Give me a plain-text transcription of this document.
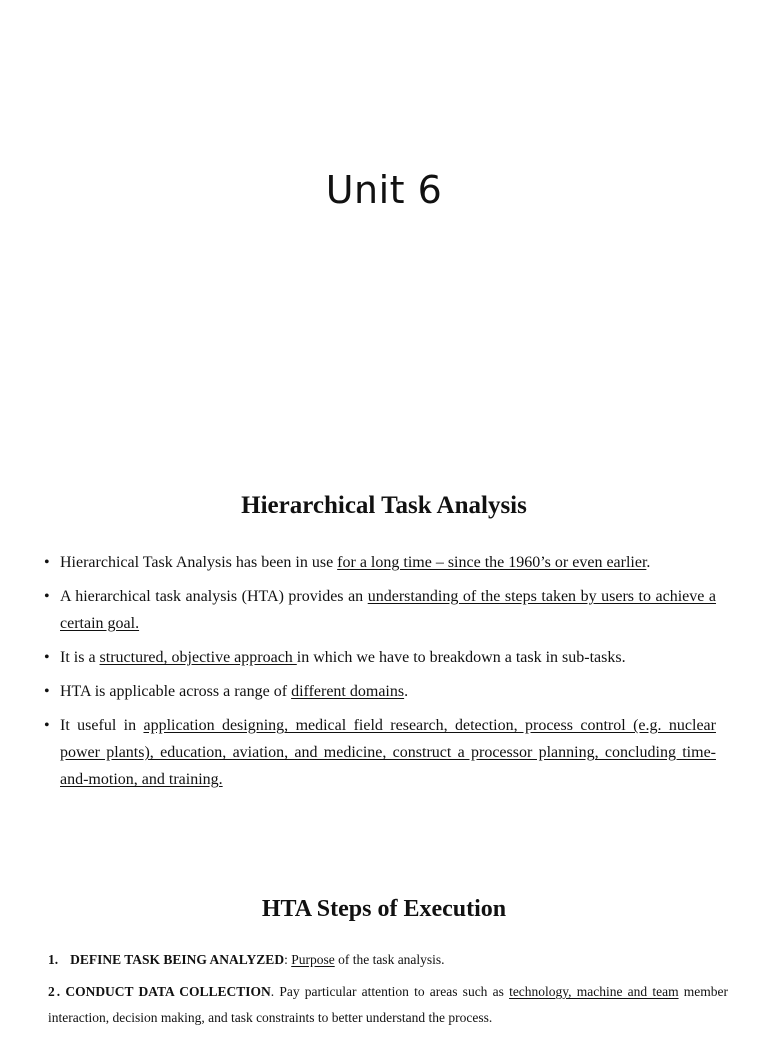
Unit 6
Hierarchical Task Analysis
• Hierarchical Task Analysis has been in use for a long time – since the 1960’s or even earlier.
• A hierarchical task analysis (HTA) provides an understanding of the steps taken by users to achieve a certain goal.
• It is a structured, objective approach in which we have to breakdown a task in sub-tasks.
• HTA is applicable across a range of different domains.
• It useful in application designing, medical field research, detection, process control (e.g. nuclear power plants), education, aviation, and medicine, construct a processor planning, concluding time-and-motion, and training.
HTA Steps of Execution
1. DEFINE TASK BEING ANALYZED: Purpose of the task analysis.
2 . CONDUCT DATA COLLECTION. Pay particular attention to areas such as technology, machine and team member interaction, decision making, and task constraints to better understand the process.
